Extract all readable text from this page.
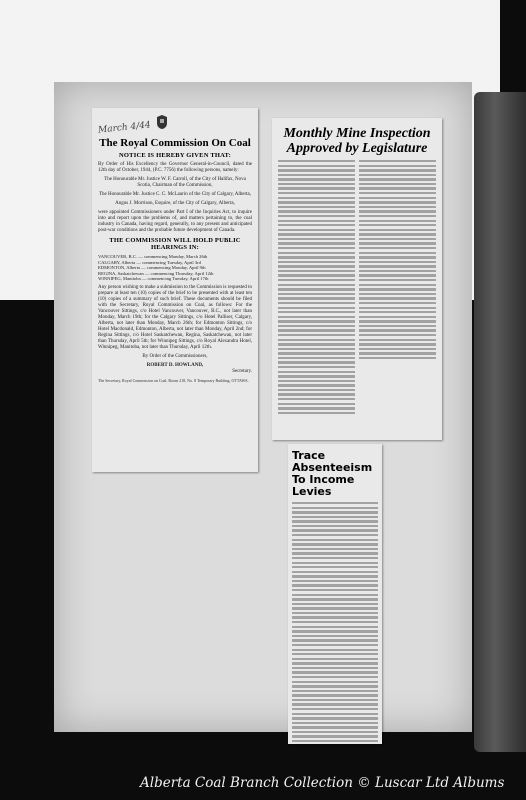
March 4/44
The Royal Commission On Coal
NOTICE IS HEREBY GIVEN THAT:

By Order of His Excellency the Governor General-in-Council, dated the 12th day of October, 1944, (P.C. 7756) the following persons, namely:

The Honourable Mr. Justice W. F. Carroll, of the City of Halifax, Nova Scotia, Chairman of the Commission,

The Honourable Mr. Justice C. C. McLaurin of the City of Calgary, Alberta,

Angus J. Morrison, Esquire, of the City of Calgary, Alberta,

were appointed Commissioners under Part I of the Inquiries Act, to inquire into and report upon the problems of, and matters pertaining to, the coal industry in Canada, having regard, generally, to any present and anticipated post-war conditions and the probable future development of Canada.

THE COMMISSION WILL HOLD PUBLIC HEARINGS IN:
VANCOUVER, B.C. — commencing Monday, March 26th
CALGARY, Alberta — commencing Tuesday, April 3rd
EDMONTON, Alberta — commencing Monday, April 9th
REGINA, Saskatchewan — commencing Thursday, April 12th
WINNIPEG, Manitoba — commencing Tuesday, April 17th

Any person wishing to make a submission to the Commission is requested to prepare at least ten (10) copies of the brief to be presented with at least ten (10) copies of a summary of such brief. These documents should be filed with the Secretary, Royal Commission on Coal, as follows: For the Vancouver Sittings, c/o Hotel Vancouver, Vancouver, B.C., not later than Monday, March 19th; for the Calgary Sittings, c/o Hotel Palliser, Calgary, Alberta, not later than Monday, March 26th; for Edmonton Sittings, c/o Hotel Macdonald, Edmonton, Alberta, not later than Monday, April 2nd; for Regina Sittings, c/o Hotel Saskatchewan, Regina, Saskatchewan, not later than Thursday, April 5th; for Winnipeg Sittings, c/o Royal Alexandra Hotel, Winnipeg, Manitoba, not later than Thursday, April 12th.

By Order of the Commissioners,

ROBERT D. HOWLAND,

Secretary.

The Secretary, Royal Commission on Coal, Room 218, No. 8 Temporary Building, OTTAWA.
Monthly Mine Inspection Approved by Legislature
Trace Absenteeism To Income Levies
Alberta Coal Branch Collection © Luscar Ltd Albums
